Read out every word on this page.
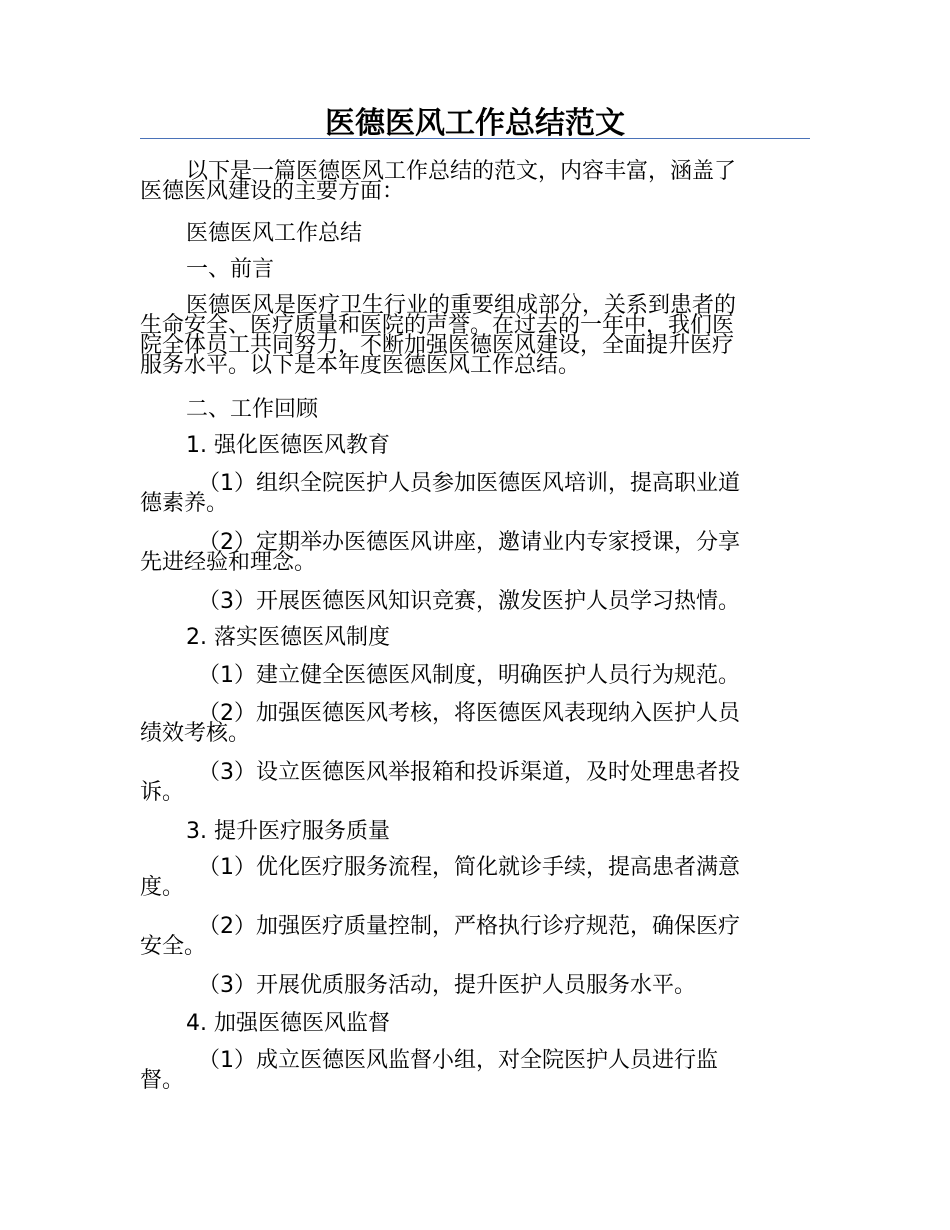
医德医风工作总结范文

以下是一篇医德医风工作总结的范文，内容丰富，涵盖了
医德医风建设的主要方面：

医德医风工作总结

一、前言

医德医风是医疗卫生行业的重要组成部分，关系到患者的
生命安全、医疗质量和医院的声誉。在过去的一年中，我们医
院全体员工共同努力，不断加强医德医风建设，全面提升医疗
服务水平。以下是本年度医德医风工作总结。

二、工作回顾

1. 强化医德医风教育

（1）组织全院医护人员参加医德医风培训，提高职业道
德素养。

（2）定期举办医德医风讲座，邀请业内专家授课，分享
先进经验和理念。

（3）开展医德医风知识竞赛，激发医护人员学习热情。

2. 落实医德医风制度

（1）建立健全医德医风制度，明确医护人员行为规范。

（2）加强医德医风考核，将医德医风表现纳入医护人员
绩效考核。

（3）设立医德医风举报箱和投诉渠道，及时处理患者投
诉。

3. 提升医疗服务质量

（1）优化医疗服务流程，简化就诊手续，提高患者满意
度。

（2）加强医疗质量控制，严格执行诊疗规范，确保医疗
安全。

（3）开展优质服务活动，提升医护人员服务水平。

4. 加强医德医风监督

（1）成立医德医风监督小组，对全院医护人员进行监
督。
